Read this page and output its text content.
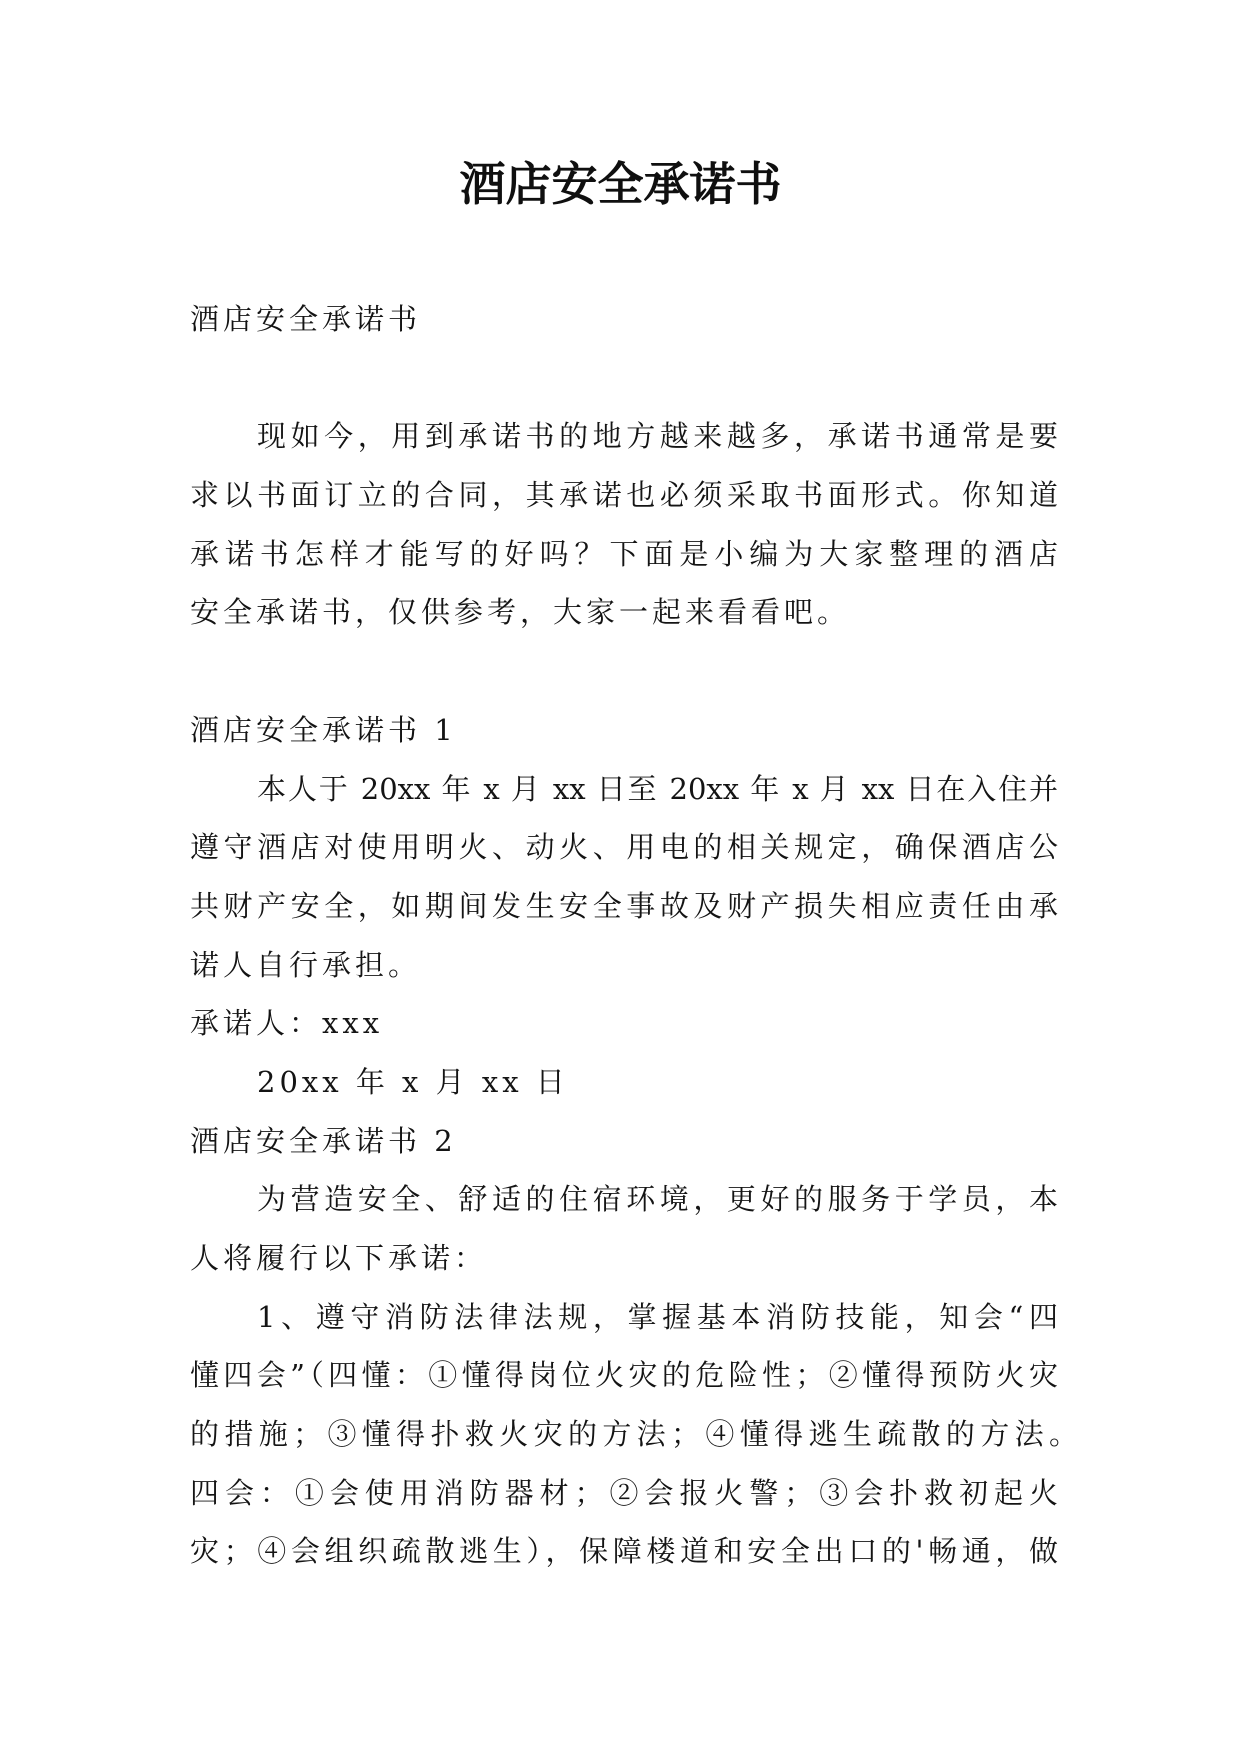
酒店安全承诺书
酒店安全承诺书
现如今，用到承诺书的地方越来越多，承诺书通常是要
求以书面订立的合同，其承诺也必须采取书面形式。你知道
承诺书怎样才能写的好吗？下面是小编为大家整理的酒店
安全承诺书，仅供参考，大家一起来看看吧。
酒店安全承诺书 1
本人于 20xx 年 x 月 xx 日至 20xx 年 x 月 xx 日在入住并
遵守酒店对使用明火、动火、用电的相关规定，确保酒店公
共财产安全，如期间发生安全事故及财产损失相应责任由承
诺人自行承担。
承诺人：xxx
20xx 年 x 月 xx 日
酒店安全承诺书 2
为营造安全、舒适的住宿环境，更好的服务于学员，本
人将履行以下承诺：
1、遵守消防法律法规，掌握基本消防技能，知会“四
懂四会”（四懂：①懂得岗位火灾的危险性；②懂得预防火灾
的措施；③懂得扑救火灾的方法；④懂得逃生疏散的方法。
四会：①会使用消防器材；②会报火警；③会扑救初起火
灾；④会组织疏散逃生），保障楼道和安全出口的'畅通，做
